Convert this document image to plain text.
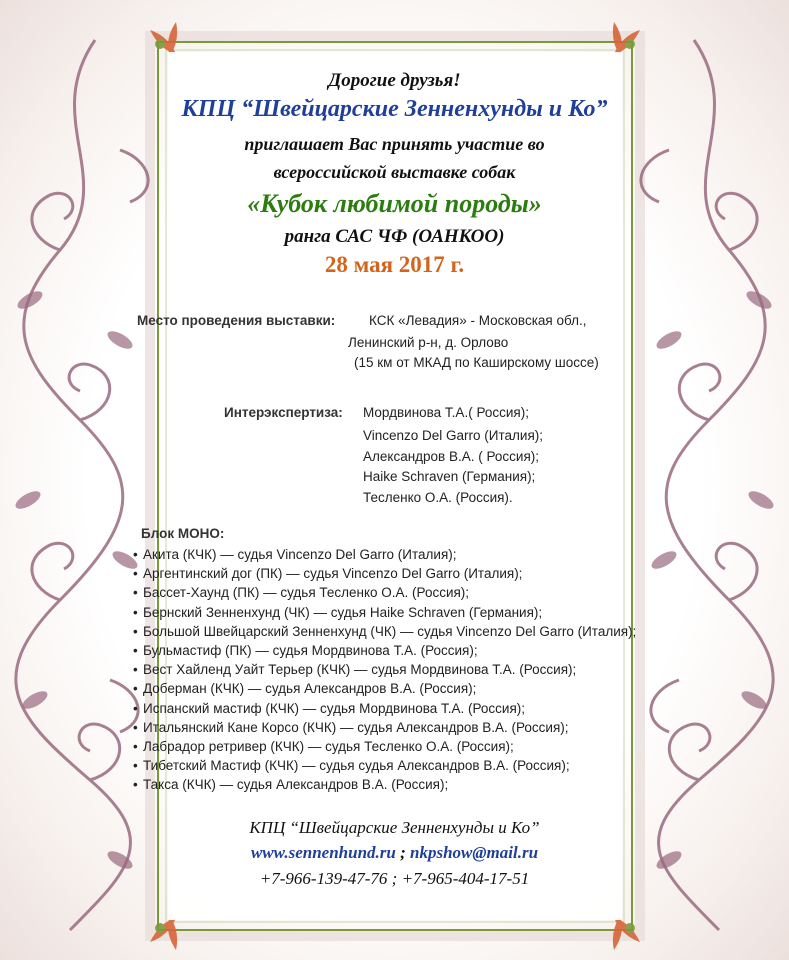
Дорогие друзья!
КПЦ “Швейцарские Зенненхунды и Ко”
приглашает Вас принять участие во
всероссийской выставке собак
«Кубок любимой породы»
ранга САС ЧФ (ОАНКОО)
28 мая 2017 г.
Место проведения выставки: КСК «Левадия» - Московская обл.,
Ленинский р-н, д. Орлово
(15 км от МКАД по Каширскому шоссе)
Интерэкспертиза: Мордвинова Т.А.( Россия);
Vincenzo Del Garro (Италия);
Александров В.А. ( Россия);
Haike Schraven (Германия);
Тесленко О.А. (Россия).
Блок МОНО:
• Акита (КЧК) — судья Vincenzo Del Garro (Италия);
• Аргентинский дог (ПК) — судья Vincenzo Del Garro (Италия);
• Бассет-Хаунд (ПК) — судья Тесленко О.А. (Россия);
• Бернский Зенненхунд (ЧК) — судья Haike Schraven (Германия);
• Большой Швейцарский Зенненхунд (ЧК) — судья Vincenzo Del Garro (Италия);
• Бульмастиф (ПК) — судья Мордвинова Т.А. (Россия);
• Вест Хайленд Уайт Терьер (КЧК) — судья Мордвинова Т.А. (Россия);
• Доберман (КЧК) — судья Александров В.А. (Россия);
• Испанский мастиф (КЧК) — судья Мордвинова Т.А. (Россия);
• Итальянский Кане Корсо (КЧК) — судья Александров В.А. (Россия);
• Лабрадор ретривер (КЧК) — судья Тесленко О.А. (Россия);
• Тибетский Мастиф (КЧК) — судья судья Александров В.А. (Россия);
• Такса (КЧК) — судья Александров В.А. (Россия);
КПЦ “Швейцарские Зенненхунды и Ко”
www.sennenhund.ru ; nkpshow@mail.ru
+7-966-139-47-76 ; +7-965-404-17-51
